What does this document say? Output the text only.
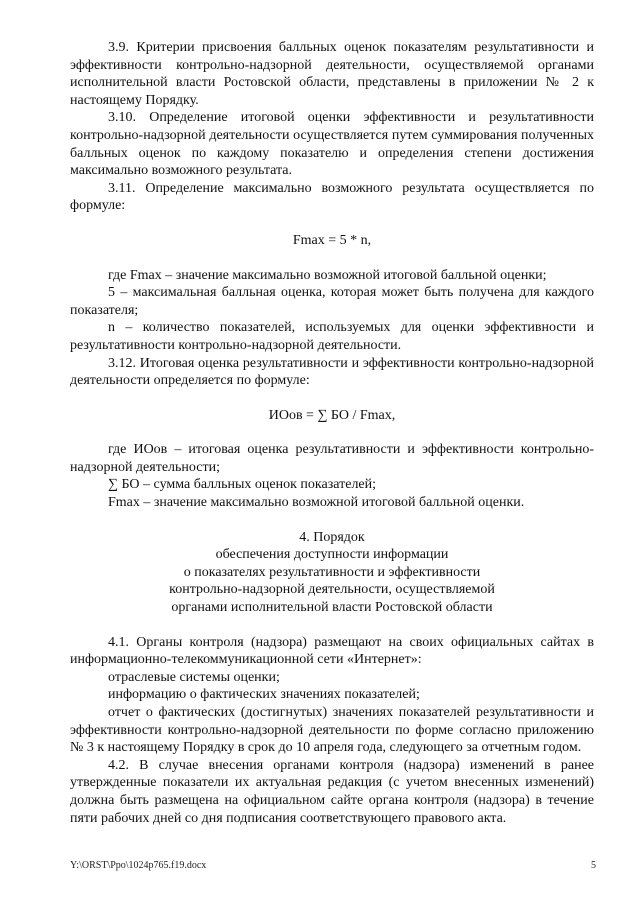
3.9. Критерии присвоения балльных оценок показателям результативности и эффективности контрольно-надзорной деятельности, осуществляемой органами исполнительной власти Ростовской области, представлены в приложении № 2 к настоящему Порядку.

3.10. Определение итоговой оценки эффективности и результативности контрольно-надзорной деятельности осуществляется путем суммирования полученных балльных оценок по каждому показателю и определения степени достижения максимально возможного результата.

3.11. Определение максимально возможного результата осуществляется по формуле:

Fmax = 5 * n,

где Fmax – значение максимально возможной итоговой балльной оценки;

5 – максимальная балльная оценка, которая может быть получена для каждого показателя;

n – количество показателей, используемых для оценки эффективности и результативности контрольно-надзорной деятельности.

3.12. Итоговая оценка результативности и эффективности контрольно-надзорной деятельности определяется по формуле:

ИОов = ∑ БО / Fmax,

где ИОов – итоговая оценка результативности и эффективности контрольно-надзорной деятельности;

∑ БО – сумма балльных оценок показателей;

Fmax – значение максимально возможной итоговой балльной оценки.

4. Порядок
обеспечения доступности информации
о показателях результативности и эффективности
контрольно-надзорной деятельности, осуществляемой
органами исполнительной власти Ростовской области

4.1. Органы контроля (надзора) размещают на своих официальных сайтах в информационно-телекоммуникационной сети «Интернет»:

отраслевые системы оценки;

информацию о фактических значениях показателей;

отчет о фактических (достигнутых) значениях показателей результативности и эффективности контрольно-надзорной деятельности по форме согласно приложению № 3 к настоящему Порядку в срок до 10 апреля года, следующего за отчетным годом.

4.2. В случае внесения органами контроля (надзора) изменений в ранее утвержденные показатели их актуальная редакция (с учетом внесенных изменений) должна быть размещена на официальном сайте органа контроля (надзора) в течение пяти рабочих дней со дня подписания соответствующего правового акта.

Y:\ORST\Ppo\1024p765.f19.docx	5
